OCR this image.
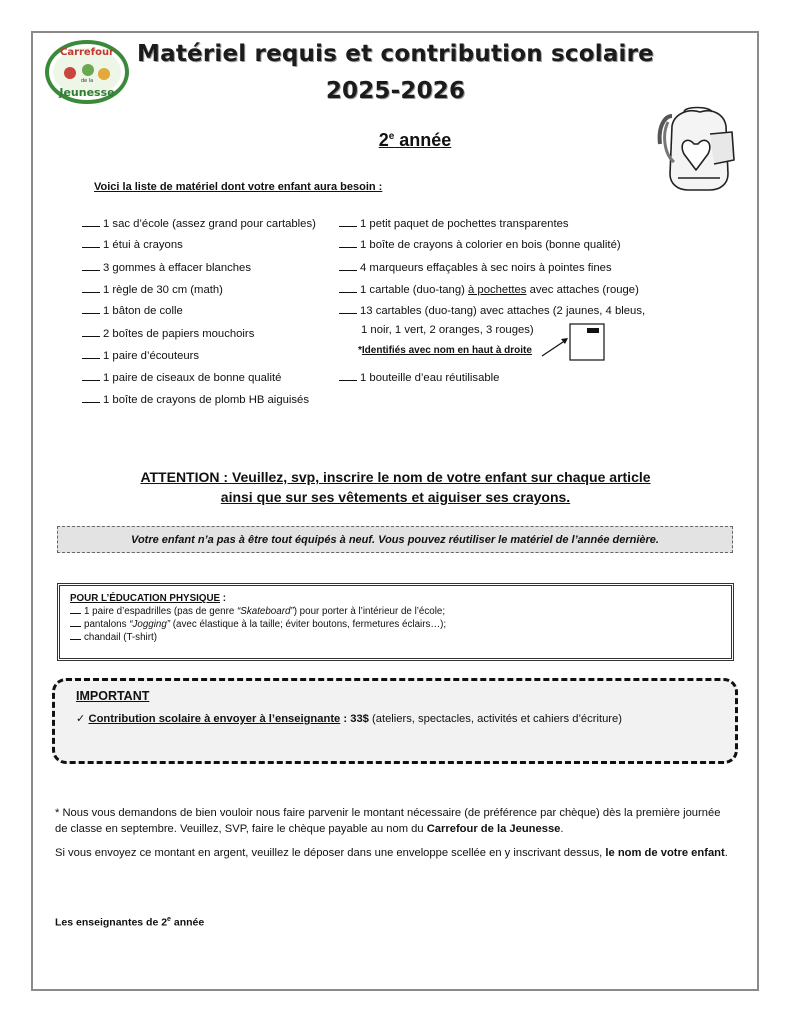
Carrefour
de la
Jeunesse
Matériel requis et contribution scolaire
2025-2026
2e année
Voici la liste de matériel dont votre enfant aura besoin :
1 sac d’école (assez grand pour cartables)
1 étui à crayons
3 gommes à effacer blanches
1 règle de 30 cm (math)
1 bâton de colle
2 boîtes de papiers mouchoirs
1 paire d’écouteurs
1 paire de ciseaux de bonne qualité
1 boîte de crayons de plomb HB aiguisés
1 petit paquet de pochettes transparentes
1 boîte de crayons à colorier en bois (bonne qualité)
4 marqueurs effaçables à sec noirs à pointes fines
1 cartable (duo-tang) à pochettes avec attaches (rouge)
13 cartables (duo-tang) avec attaches (2 jaunes, 4 bleus,
1 noir, 1 vert, 2 oranges, 3 rouges)
*Identifiés avec nom en haut à droite
1 bouteille d’eau réutilisable
ATTENTION : Veuillez, svp, inscrire le nom de votre enfant sur chaque article
ainsi que sur ses vêtements et aiguiser ses crayons.
Votre enfant n’a pas à être tout équipés à neuf. Vous pouvez réutiliser le matériel de l’année dernière.
POUR L’ÉDUCATION PHYSIQUE :
1 paire d’espadrilles (pas de genre “Skateboard”) pour porter à l’intérieur de l’école;
pantalons “Jogging” (avec élastique à la taille; éviter boutons, fermetures éclairs…);
chandail (T-shirt)
IMPORTANT
✓ Contribution scolaire à envoyer à l’enseignante : 33$ (ateliers, spectacles, activités et cahiers d’écriture)
* Nous vous demandons de bien vouloir nous faire parvenir le montant nécessaire (de préférence par chèque) dès la première journée de classe en septembre. Veuillez, SVP, faire le chèque payable au nom du Carrefour de la Jeunesse.
Si vous envoyez ce montant en argent, veuillez le déposer dans une enveloppe scellée en y inscrivant dessus, le nom de votre enfant.
Les enseignantes de 2e année
